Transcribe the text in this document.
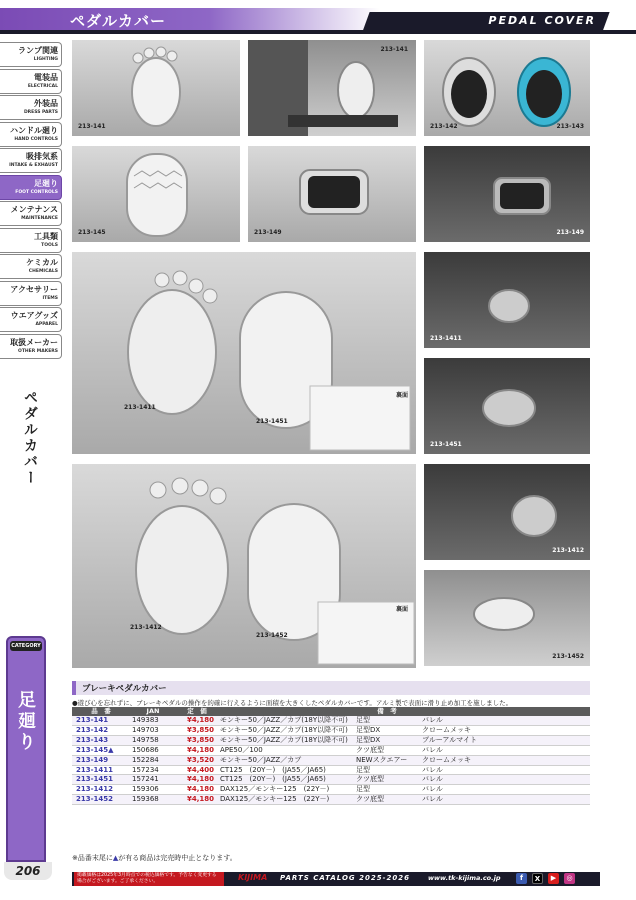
ペダルカバー	PEDAL COVER
ランプ関連
LIGHTING
電装品
ELECTRICAL
外装品
DRESS PARTS
ハンドル廻り
HAND CONTROLS
吸排気系
INTAKE & EXHAUST
足廻り
FOOT CONTROLS
メンテナンス
MAINTENANCE
工具類
TOOLS
ケミカル
CHEMICALS
アクセサリー
ITEMS
ウエアグッズ
APPAREL
取扱メーカー
OTHER MAKERS
ペダルカバー
CATEGORY
足廻り
206
213-141
213-141
213-142	213-143
213-145	213-149	213-149
213-1411
213-1451
裏面
213-1411
213-1451
213-1412
213-1452
裏面
213-1412
213-1452
ブレーキペダルカバー
●遊び心を忘れずに、ブレーキペダルの操作を的確に行えるように面積を大きくしたペダルカバーです。アルミ製で表面に滑り止め加工を施しました。
品　番	JAN	定　価		備　考	
213-141	149383	¥4,180	モンキー50／JAZZ／カブ(18Y以降不可)	足型	バレル
213-142	149703	¥3,850	モンキー50／JAZZ／カブ(18Y以降不可)	足型DX	クロームメッキ
213-143	149758	¥3,850	モンキー50／JAZZ／カブ(18Y以降不可)	足型DX	ブルーアルマイト
213-145▲	150686	¥4,180	APE50／100	クツ底型	バレル
213-149	152284	¥3,520	モンキー50／JAZZ／カブ	NEWスクエアー	クロームメッキ
213-1411	157234	¥4,400	CT125　(20Y－)　(JA55／JA65)	足型	バレル
213-1451	157241	¥4,180	CT125　(20Y－)　(JA55／JA65)	クツ底型	バレル
213-1412	159306	¥4,180	DAX125／モンキー125　(22Y－)	足型	バレル
213-1452	159368	¥4,180	DAX125／モンキー125　(22Y－)	クツ底型	バレル
※品番末尾に▲が有る商品は完売時中止となります。
掲載価格は2025年3月時点での税込価格です。予告なく変更する場合がございます。ご了承ください。	KIJIMA PARTS CATALOG 2025-2026	www.tk-kijima.co.jp	f	X	▶	◎
